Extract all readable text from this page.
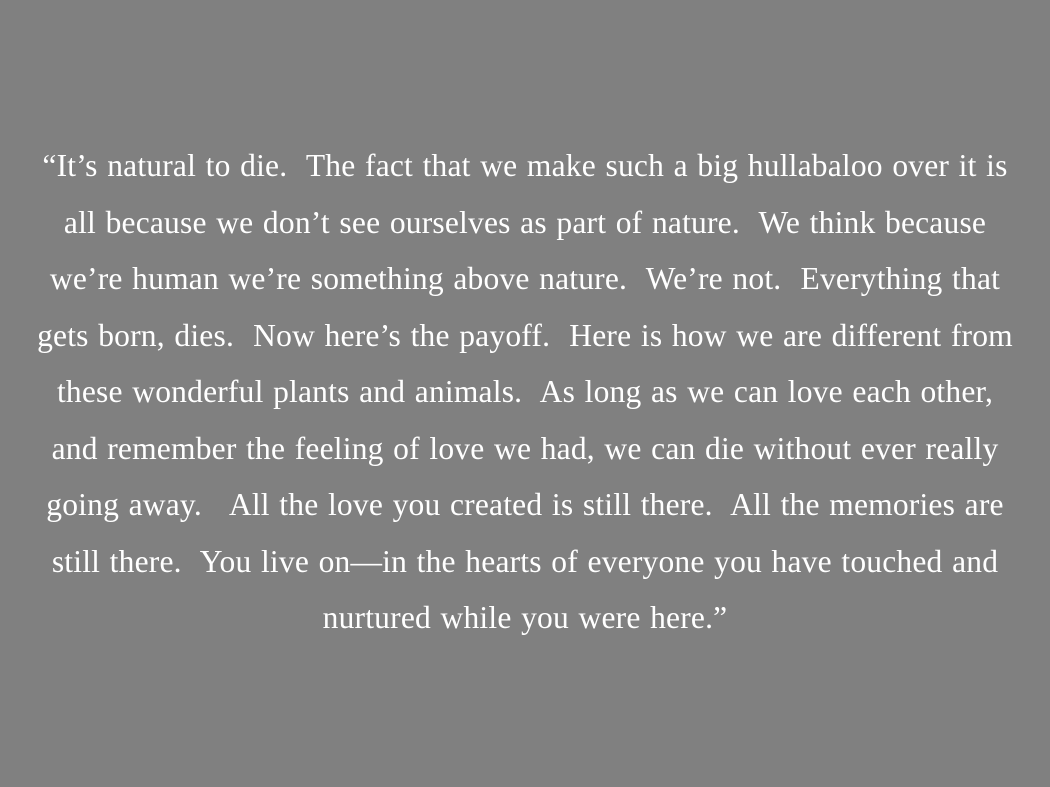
“It’s natural to die.  The fact that we make such a big hullabaloo over it is all because we don’t see ourselves as part of nature.  We think because we’re human we’re something above nature.  We’re not.  Everything that gets born, dies.  Now here’s the payoff.  Here is how we are different from these wonderful plants and animals.  As long as we can love each other, and remember the feeling of love we had, we can die without ever really going away.   All the love you created is still there.  All the memories are still there.  You live on—in the hearts of everyone you have touched and nurtured while you were here.”
